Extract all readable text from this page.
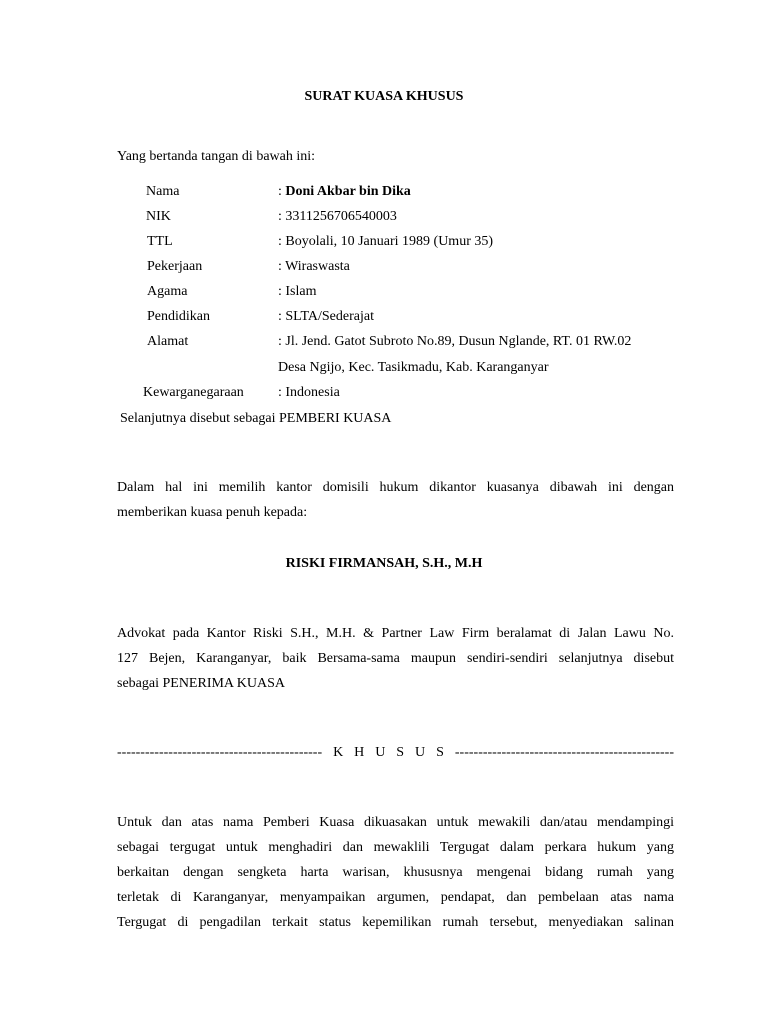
SURAT KUASA KHUSUS
Yang bertanda tangan di bawah ini:
Nama	: Doni Akbar bin Dika
NIK	: 3311256706540003
TTL	: Boyolali, 10 Januari 1989 (Umur 35)
Pekerjaan	: Wiraswasta
Agama	: Islam
Pendidikan	: SLTA/Sederajat
Alamat	: Jl. Jend. Gatot Subroto No.89, Dusun Nglande, RT. 01 RW.02
Desa Ngijo, Kec. Tasikmadu, Kab. Karanganyar
Kewarganegaraan : Indonesia
Selanjutnya disebut sebagai PEMBERI KUASA
Dalam hal ini memilih kantor domisili hukum dikantor kuasanya dibawah ini dengan
memberikan kuasa penuh kepada:
RISKI FIRMANSAH, S.H., M.H
Advokat pada Kantor Riski S.H., M.H. & Partner Law Firm beralamat di Jalan Lawu No.
127 Bejen, Karanganyar, baik Bersama-sama maupun sendiri-sendiri selanjutnya disebut
sebagai PENERIMA KUASA
-------------------------------------------- K H U S U S -----------------------------------------------
Untuk dan atas nama Pemberi Kuasa dikuasakan untuk mewakili dan/atau mendampingi
sebagai tergugat untuk menghadiri dan mewaklili Tergugat dalam perkara hukum yang
berkaitan dengan sengketa harta warisan, khususnya mengenai bidang rumah yang
terletak di Karanganyar, menyampaikan argumen, pendapat, dan pembelaan atas nama
Tergugat di pengadilan terkait status kepemilikan rumah tersebut, menyediakan salinan
